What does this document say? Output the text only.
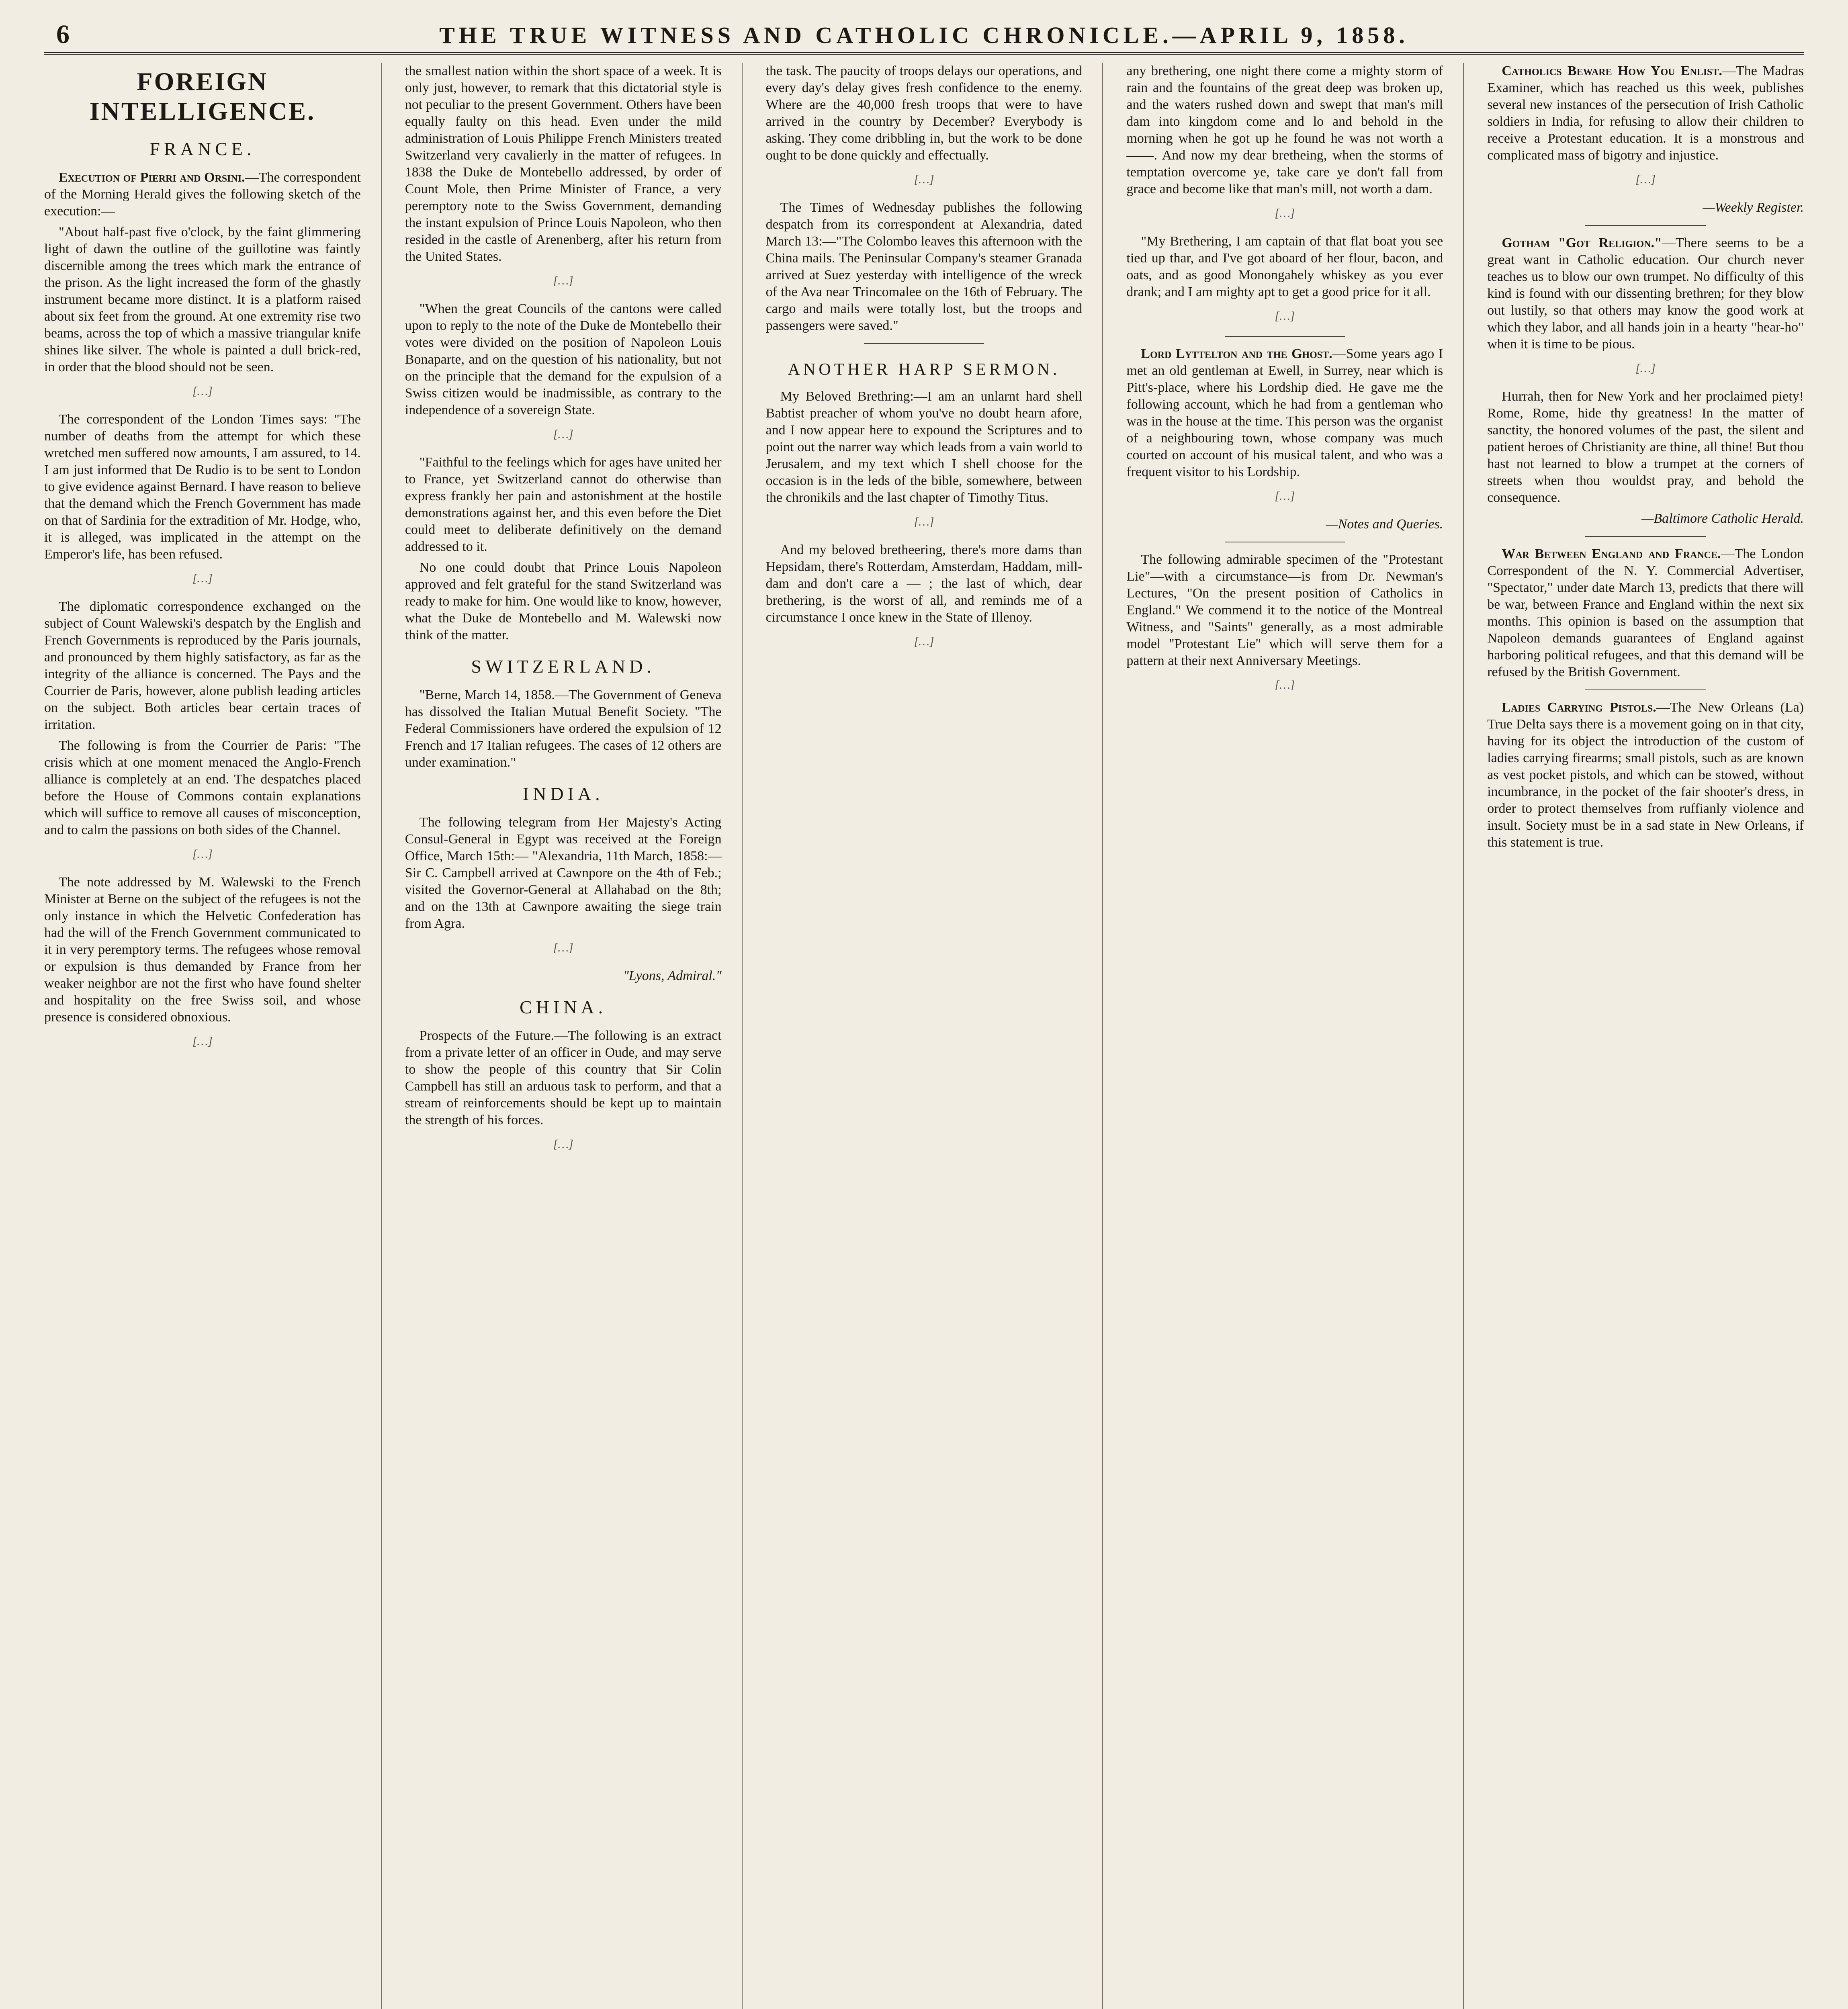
6	THE TRUE WITNESS AND CATHOLIC CHRONICLE.—APRIL 9, 1858.
FOREIGN INTELLIGENCE.
FRANCE.

Execution of Pierri and Orsini.—The correspondent of the Morning Herald gives the following sketch of the execution:—

"About half-past five o'clock, by the faint glimmering light of dawn the outline of the guillotine was faintly discernible among the trees which mark the entrance of the prison. As the light increased the form of the ghastly instrument became more distinct. It is a platform raised about six feet from the ground. At one extremity rise two beams, across the top of which a massive triangular knife shines like silver. The whole is painted a dull brick-red, in order that the blood should not be seen.

[…]

The correspondent of the London Times says: "The number of deaths from the attempt for which these wretched men suffered now amounts, I am assured, to 14. I am just informed that De Rudio is to be sent to London to give evidence against Bernard. I have reason to believe that the demand which the French Government has made on that of Sardinia for the extradition of Mr. Hodge, who, it is alleged, was implicated in the attempt on the Emperor's life, has been refused.

[…]

The diplomatic correspondence exchanged on the subject of Count Walewski's despatch by the English and French Governments is reproduced by the Paris journals, and pronounced by them highly satisfactory, as far as the integrity of the alliance is concerned. The Pays and the Courrier de Paris, however, alone publish leading articles on the subject. Both articles bear certain traces of irritation.

The following is from the Courrier de Paris: "The crisis which at one moment menaced the Anglo-French alliance is completely at an end. The despatches placed before the House of Commons contain explanations which will suffice to remove all causes of misconception, and to calm the passions on both sides of the Channel.

[…]

The note addressed by M. Walewski to the French Minister at Berne on the subject of the refugees is not the only instance in which the Helvetic Confederation has had the will of the French Government communicated to it in very peremptory terms. The refugees whose removal or expulsion is thus demanded by France from her weaker neighbor are not the first who have found shelter and hospitality on the free Swiss soil, and whose presence is considered obnoxious.

[…]

the smallest nation within the short space of a week. It is only just, however, to remark that this dictatorial style is not peculiar to the present Government. Others have been equally faulty on this head. Even under the mild administration of Louis Philippe French Ministers treated Switzerland very cavalierly in the matter of refugees. In 1838 the Duke de Montebello addressed, by order of Count Mole, then Prime Minister of France, a very peremptory note to the Swiss Government, demanding the instant expulsion of Prince Louis Napoleon, who then resided in the castle of Arenenberg, after his return from the United States.

[…]

"When the great Councils of the cantons were called upon to reply to the note of the Duke de Montebello their votes were divided on the position of Napoleon Louis Bonaparte, and on the question of his nationality, but not on the principle that the demand for the expulsion of a Swiss citizen would be inadmissible, as contrary to the independence of a sovereign State.

[…]

"Faithful to the feelings which for ages have united her to France, yet Switzerland cannot do otherwise than express frankly her pain and astonishment at the hostile demonstrations against her, and this even before the Diet could meet to deliberate definitively on the demand addressed to it.

No one could doubt that Prince Louis Napoleon approved and felt grateful for the stand Switzerland was ready to make for him. One would like to know, however, what the Duke de Montebello and M. Walewski now think of the matter.

SWITZERLAND.

"Berne, March 14, 1858.—The Government of Geneva has dissolved the Italian Mutual Benefit Society. "The Federal Commissioners have ordered the expulsion of 12 French and 17 Italian refugees. The cases of 12 others are under examination."

INDIA.

The following telegram from Her Majesty's Acting Consul-General in Egypt was received at the Foreign Office, March 15th:— "Alexandria, 11th March, 1858:—Sir C. Campbell arrived at Cawnpore on the 4th of Feb.; visited the Governor-General at Allahabad on the 8th; and on the 13th at Cawnpore awaiting the siege train from Agra.

[…]

"Lyons, Admiral."

CHINA.

Prospects of the Future.—The following is an extract from a private letter of an officer in Oude, and may serve to show the people of this country that Sir Colin Campbell has still an arduous task to perform, and that a stream of reinforcements should be kept up to maintain the strength of his forces.

[…]

the task. The paucity of troops delays our operations, and every day's delay gives fresh confidence to the enemy. Where are the 40,000 fresh troops that were to have arrived in the country by December? Everybody is asking. They come dribbling in, but the work to be done ought to be done quickly and effectually.

[…]

The Times of Wednesday publishes the following despatch from its correspondent at Alexandria, dated March 13:—"The Colombo leaves this afternoon with the China mails. The Peninsular Company's steamer Granada arrived at Suez yesterday with intelligence of the wreck of the Ava near Trincomalee on the 16th of February. The cargo and mails were totally lost, but the troops and passengers were saved."

ANOTHER HARP SERMON.

My Beloved Brethring:—I am an unlarnt hard shell Babtist preacher of whom you've no doubt hearn afore, and I now appear here to expound the Scriptures and to point out the narrer way which leads from a vain world to Jerusalem, and my text which I shell choose for the occasion is in the leds of the bible, somewhere, between the chronikils and the last chapter of Timothy Titus.

[…]

And my beloved bretheering, there's more dams than Hepsidam, there's Rotterdam, Amsterdam, Haddam, mill-dam and don't care a — ; the last of which, dear brethering, is the worst of all, and reminds me of a circumstance I once knew in the State of Illenoy.

[…]

any brethering, one night there come a mighty storm of rain and the fountains of the great deep was broken up, and the waters rushed down and swept that man's mill dam into kingdom come and lo and behold in the morning when he got up he found he was not worth a ——. And now my dear bretheing, when the storms of temptation overcome ye, take care ye don't fall from grace and become like that man's mill, not worth a dam.

[…]

"My Brethering, I am captain of that flat boat you see tied up thar, and I've got aboard of her flour, bacon, and oats, and as good Monongahely whiskey as you ever drank; and I am mighty apt to get a good price for it all.

[…]

Lord Lyttelton and the Ghost.—Some years ago I met an old gentleman at Ewell, in Surrey, near which is Pitt's-place, where his Lordship died. He gave me the following account, which he had from a gentleman who was in the house at the time. This person was the organist of a neighbouring town, whose company was much courted on account of his musical talent, and who was a frequent visitor to his Lordship.

[…]

—Notes and Queries.

The following admirable specimen of the "Protestant Lie"—with a circumstance—is from Dr. Newman's Lectures, "On the present position of Catholics in England." We commend it to the notice of the Montreal Witness, and "Saints" generally, as a most admirable model "Protestant Lie" which will serve them for a pattern at their next Anniversary Meetings.

[…]

Catholics Beware How You Enlist.—The Madras Examiner, which has reached us this week, publishes several new instances of the persecution of Irish Catholic soldiers in India, for refusing to allow their children to receive a Protestant education. It is a monstrous and complicated mass of bigotry and injustice.

[…]

—Weekly Register.

Gotham "Got Religion."—There seems to be a great want in Catholic education. Our church never teaches us to blow our own trumpet. No difficulty of this kind is found with our dissenting brethren; for they blow out lustily, so that others may know the good work at which they labor, and all hands join in a hearty "hear-ho" when it is time to be pious.

[…]

Hurrah, then for New York and her proclaimed piety! Rome, Rome, hide thy greatness! In the matter of sanctity, the honored volumes of the past, the silent and patient heroes of Christianity are thine, all thine! But thou hast not learned to blow a trumpet at the corners of streets when thou wouldst pray, and behold the consequence.

—Baltimore Catholic Herald.

War Between England and France.—The London Correspondent of the N. Y. Commercial Advertiser, "Spectator," under date March 13, predicts that there will be war, between France and England within the next six months. This opinion is based on the assumption that Napoleon demands guarantees of England against harboring political refugees, and that this demand will be refused by the British Government.

Ladies Carrying Pistols.—The New Orleans (La) True Delta says there is a movement going on in that city, having for its object the introduction of the custom of ladies carrying firearms; small pistols, such as are known as vest pocket pistols, and which can be stowed, without incumbrance, in the pocket of the fair shooter's dress, in order to protect themselves from ruffianly violence and insult. Society must be in a sad state in New Orleans, if this statement is true.
